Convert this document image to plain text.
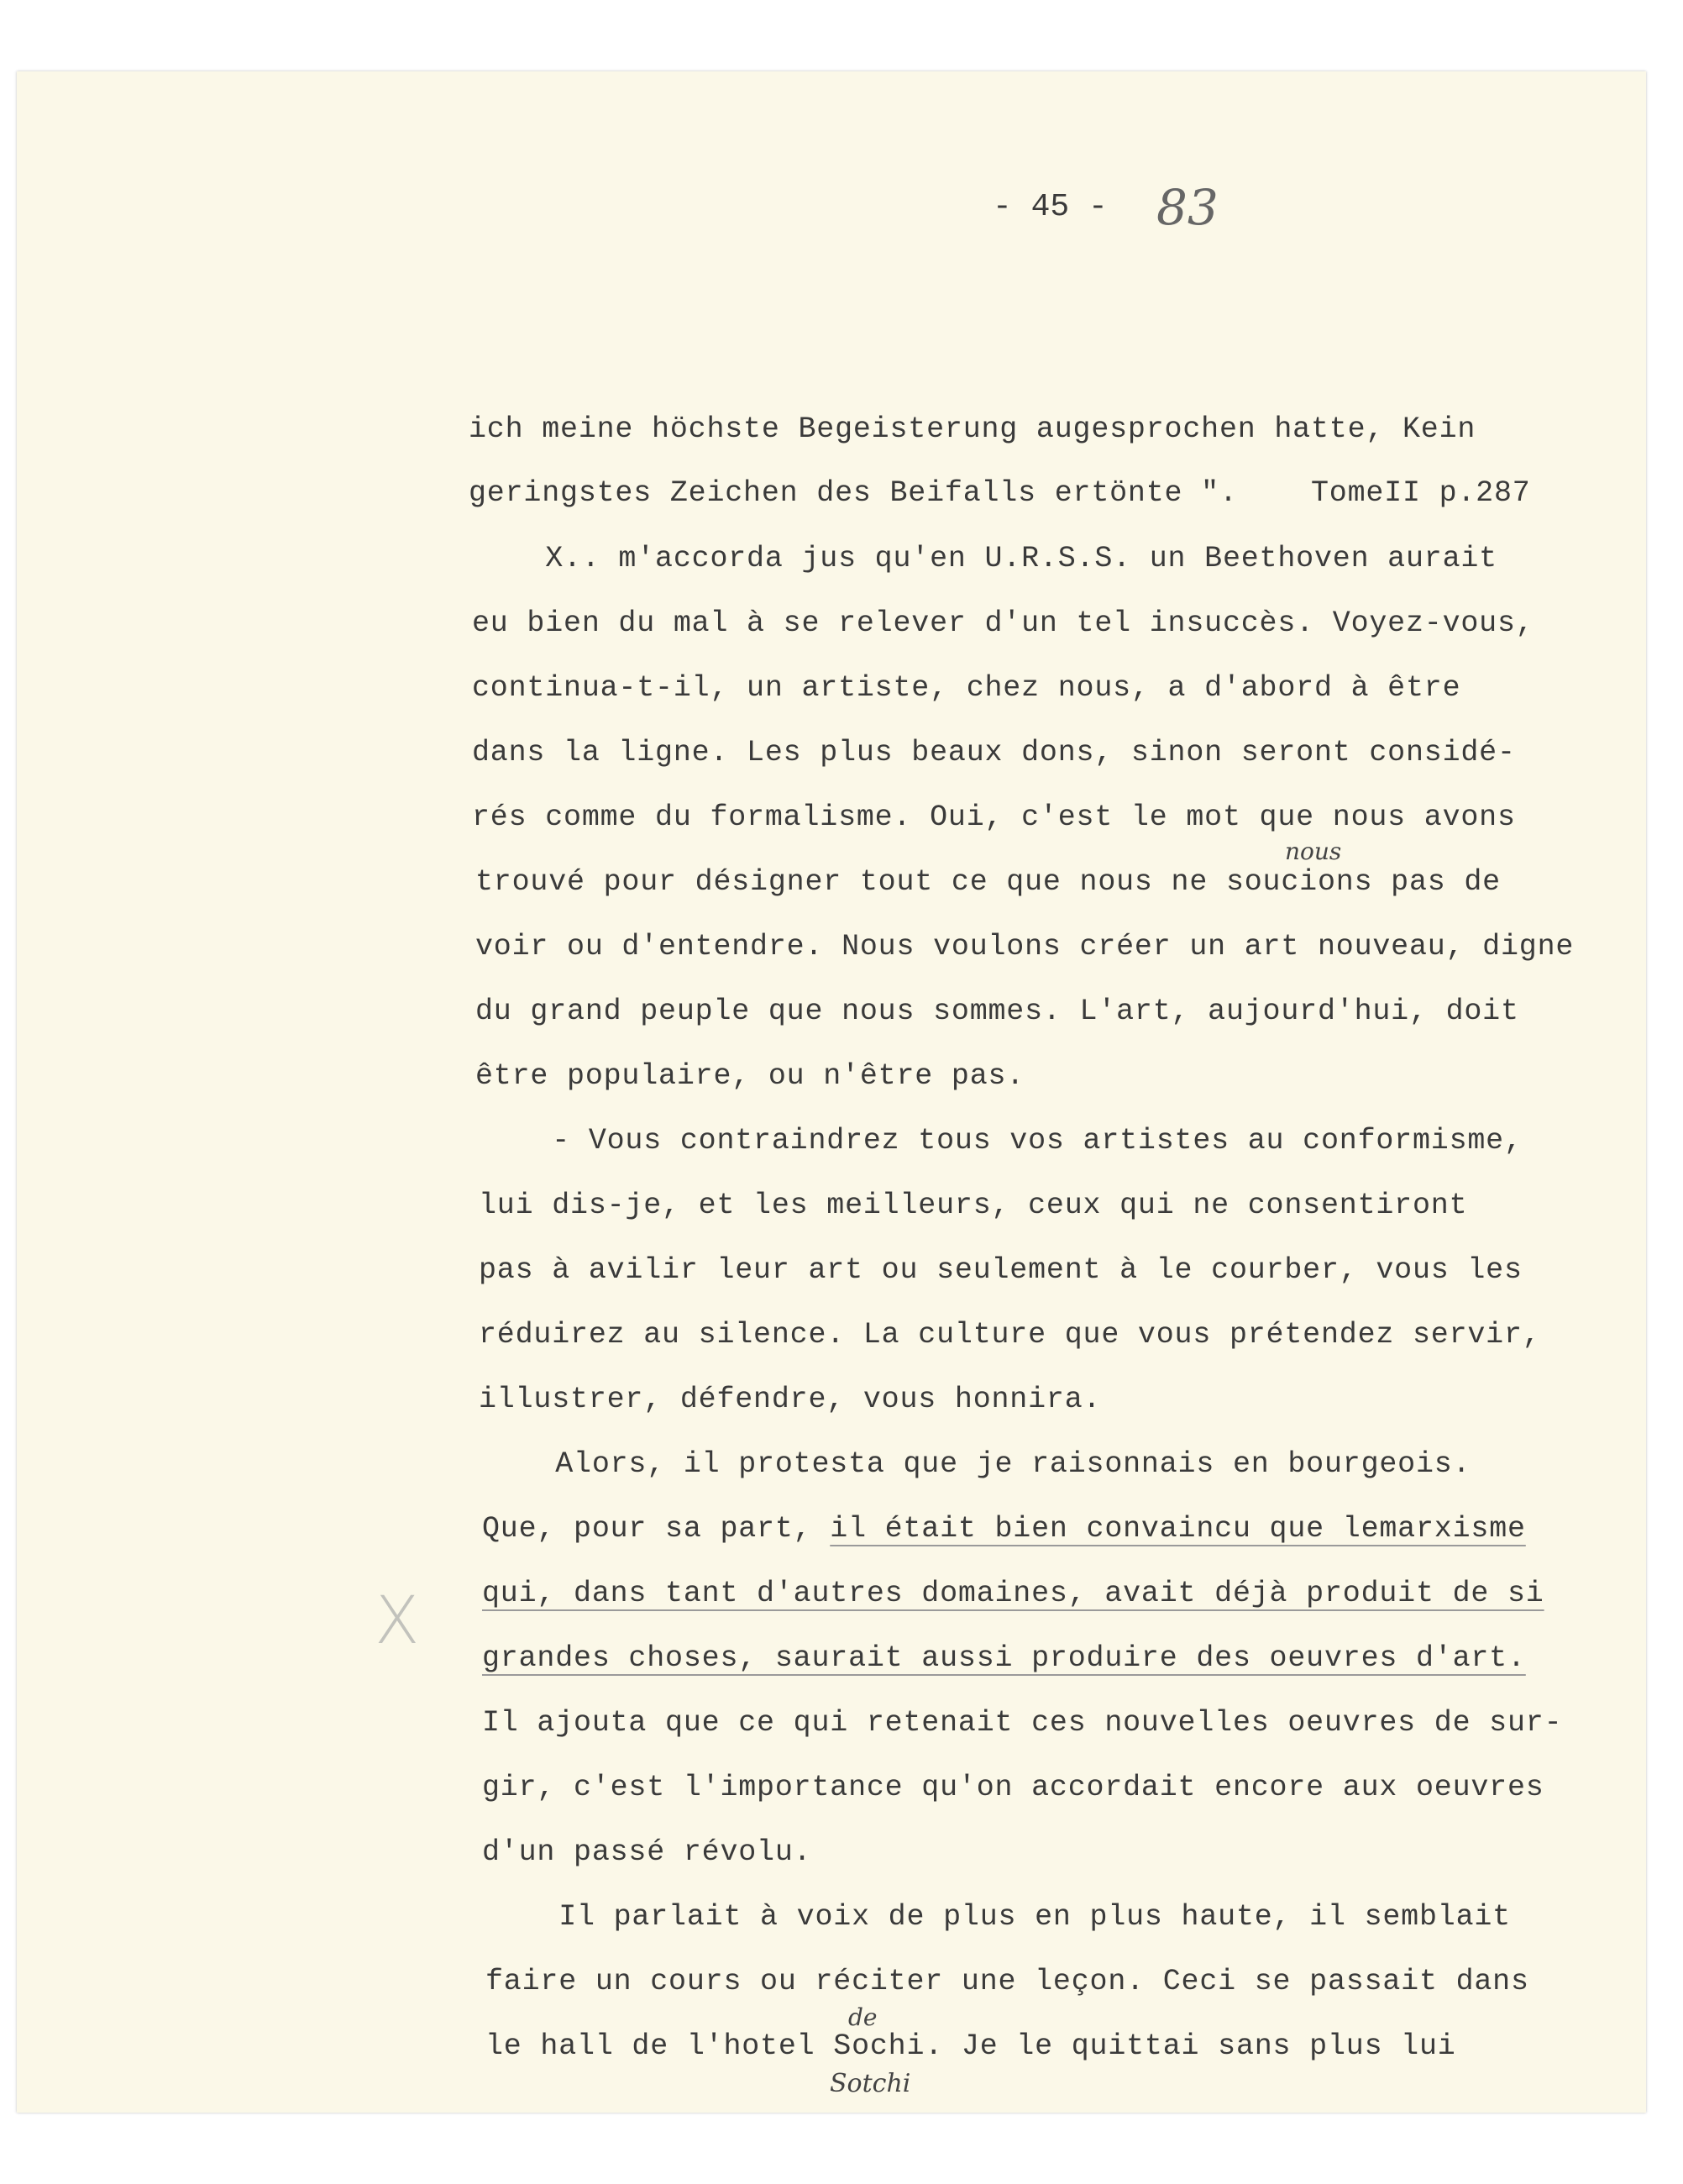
- 45 - 83
ich meine höchste Begeisterung augesprochen hatte, Kein
geringstes Zeichen des Beifalls ertönte ".    TomeII p.287
X.. m'accorda jus qu'en U.R.S.S. un Beethoven aurait
eu bien du mal à se relever d'un tel insuccès. Voyez-vous,
continua-t-il, un artiste, chez nous, a d'abord à être
dans la ligne. Les plus beaux dons, sinon seront considé-
rés comme du formalisme. Oui, c'est le mot que nous avons
nous
trouvé pour désigner tout ce que nous ne soucions pas de
voir ou d'entendre. Nous voulons créer un art nouveau, digne
du grand peuple que nous sommes. L'art, aujourd'hui, doit
être populaire, ou n'être pas.
- Vous contraindrez tous vos artistes au conformisme,
lui dis-je, et les meilleurs, ceux qui ne consentiront
pas à avilir leur art ou seulement à le courber, vous les
réduirez au silence. La culture que vous prétendez servir,
illustrer, défendre, vous honnira.
Alors, il protesta que je raisonnais en bourgeois.
Que, pour sa part, il était bien convaincu que lemarxisme
qui, dans tant d'autres domaines, avait déjà produit de si
grandes choses, saurait aussi produire des oeuvres d'art.
Il ajouta que ce qui retenait ces nouvelles oeuvres de sur-
gir, c'est l'importance qu'on accordait encore aux oeuvres
d'un passé révolu.
Il parlait à voix de plus en plus haute, il semblait
faire un cours ou réciter une leçon. Ceci se passait dans
de
le hall de l'hotel Sochi. Je le quittai sans plus lui
Sotchi
X
